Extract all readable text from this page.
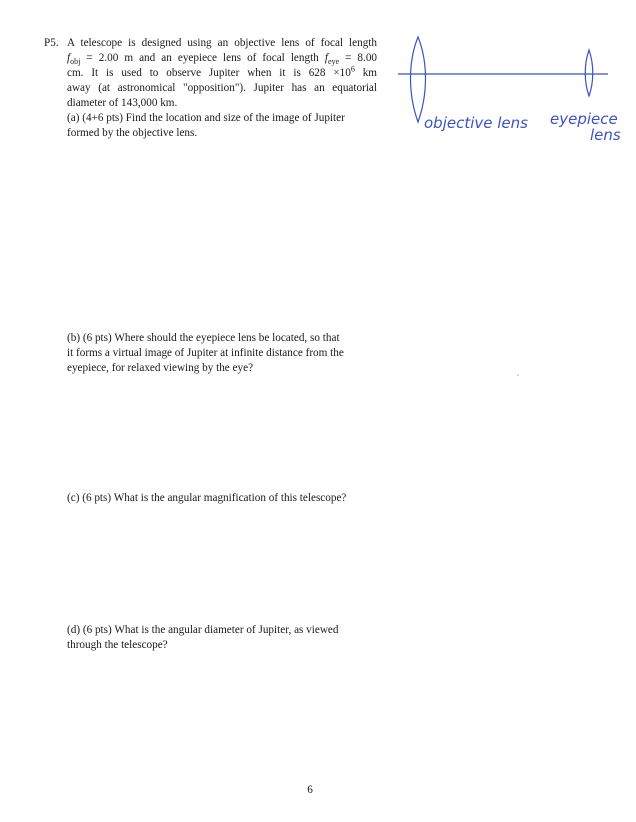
P5. A telescope is designed using an objective lens of focal length
$f_{obj} = 2.00$ m and an eyepiece lens of focal length $f_{eye} = 8.00$
cm. It is used to observe Jupiter when it is $628 \times 10^6$ km
away (at astronomical "opposition"). Jupiter has an equatorial
diameter of 143,000 km.
(a) (4+6 pts) Find the location and size of the image of Jupiter
formed by the objective lens.
(b) (6 pts) Where should the eyepiece lens be located, so that
it forms a virtual image of Jupiter at infinite distance from the
eyepiece, for relaxed viewing by the eye?
(c) (6 pts) What is the angular magnification of this telescope?
(d) (6 pts) What is the angular diameter of Jupiter, as viewed
through the telescope?
objective lens eyepiece
lens
6
